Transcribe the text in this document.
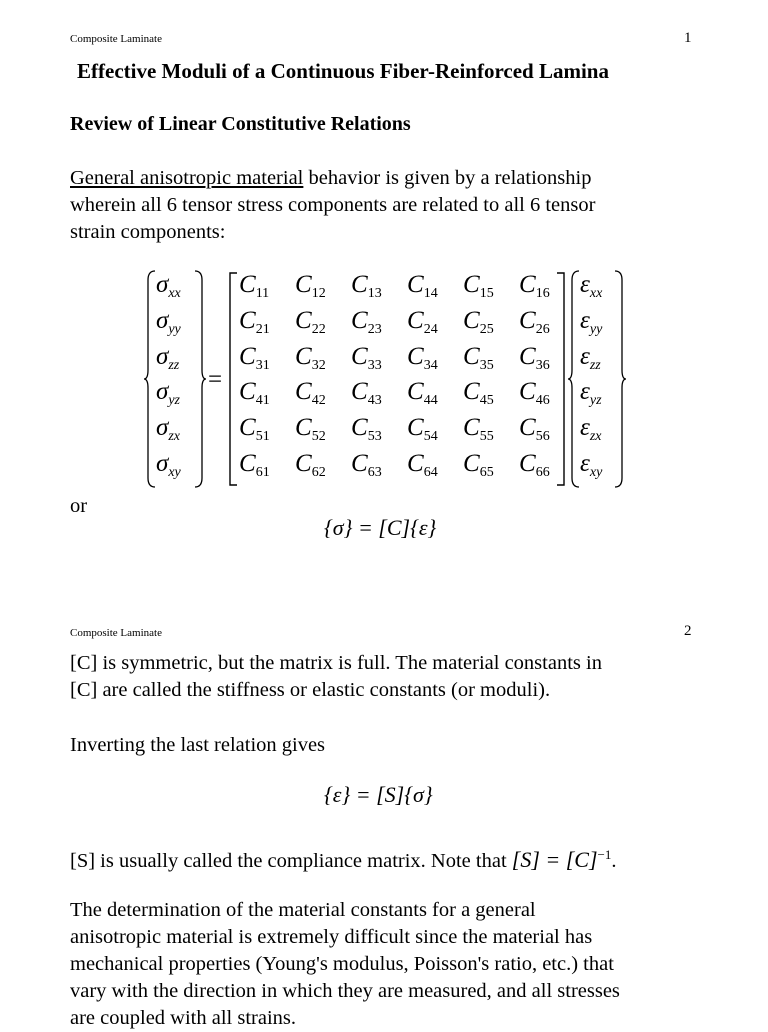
Composite Laminate	1
Effective Moduli of a Continuous Fiber-Reinforced Lamina
Review of Linear Constitutive Relations
General anisotropic material behavior is given by a relationship
wherein all 6 tensor stress components are related to all 6 tensor
strain components:
$\sigma_{xx}$
$\sigma_{yy}$
$\sigma_{zz}$
$\sigma_{yz}$
$\sigma_{zx}$
$\sigma_{xy}$
=
$C_{11}$ $C_{12}$ $C_{13}$ $C_{14}$ $C_{15}$ $C_{16}$
$C_{21}$ $C_{22}$ $C_{23}$ $C_{24}$ $C_{25}$ $C_{26}$
$C_{31}$ $C_{32}$ $C_{33}$ $C_{34}$ $C_{35}$ $C_{36}$
$C_{41}$ $C_{42}$ $C_{43}$ $C_{44}$ $C_{45}$ $C_{46}$
$C_{51}$ $C_{52}$ $C_{53}$ $C_{54}$ $C_{55}$ $C_{56}$
$C_{61}$ $C_{62}$ $C_{63}$ $C_{64}$ $C_{65}$ $C_{66}$
$\varepsilon_{xx}$
$\varepsilon_{yy}$
$\varepsilon_{zz}$
$\varepsilon_{yz}$
$\varepsilon_{zx}$
$\varepsilon_{xy}$
or
{σ} = [C]{ε}
Composite Laminate	2
[C] is symmetric, but the matrix is full. The material constants in
[C] are called the stiffness or elastic constants (or moduli).
Inverting the last relation gives
{ε} = [S]{σ}
[S] is usually called the compliance matrix. Note that $[S] = [C]^{-1}$.
The determination of the material constants for a general
anisotropic material is extremely difficult since the material has
mechanical properties (Young's modulus, Poisson's ratio, etc.) that
vary with the direction in which they are measured, and all stresses
are coupled with all strains.
